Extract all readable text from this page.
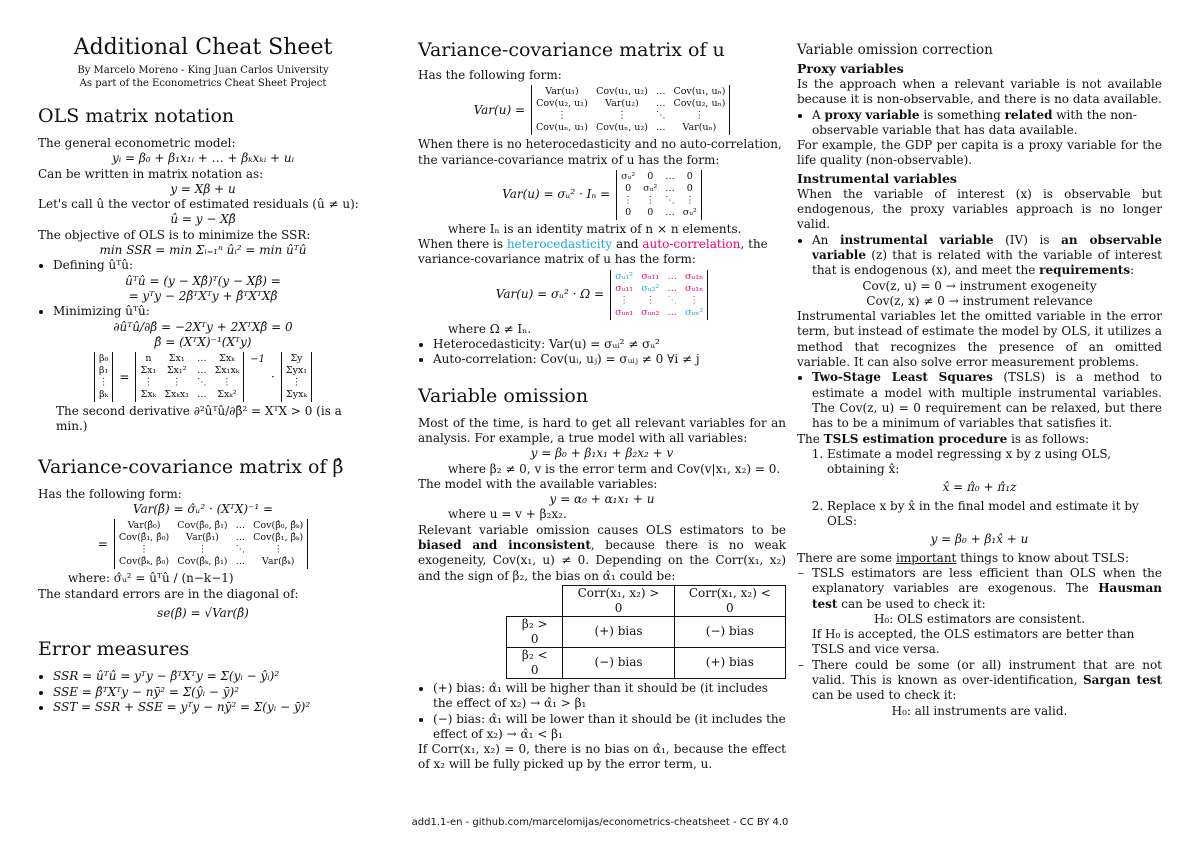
Additional Cheat Sheet
By Marcelo Moreno - King Juan Carlos University
As part of the Econometrics Cheat Sheet Project
OLS matrix notation

The general econometric model:

yᵢ = β₀ + β₁x₁ᵢ + … + βₖxₖᵢ + uᵢ

Can be written in matrix notation as:

y = Xβ + u

Let's call û the vector of estimated residuals (û ≠ u):

û = y − Xβ̂

The objective of OLS is to minimize the SSR:

min SSR = min Σᵢ₌₁ⁿ ûᵢ² = min ûᵀû

• Defining ûᵀû:

ûᵀû = (y − Xβ̂)ᵀ(y − Xβ̂) =

= yᵀy − 2β̂ᵀXᵀy + β̂ᵀXᵀXβ̂

• Minimizing ûᵀû:

∂ûᵀû/∂β̂ = −2Xᵀy + 2XᵀXβ̂ = 0

β̂ = (XᵀX)⁻¹(Xᵀy)

β₀
β₁
⋮
βₖ
=
n	Σx₁	…	Σxₖ
Σx₁ Σx₁² … Σx₁xₖ
⋮	⋮	⋱	⋮
Σxₖ Σxₖx₁ … Σxₖ²
−1
·
Σy
Σyx₁
⋮
Σyxₖ

The second derivative ∂²ûᵀû/∂β̂² = XᵀX > 0 (is a min.)

Variance-covariance matrix of β̂

Has the following form:

Var(β̂) = σ̂ᵤ² · (XᵀX)⁻¹ =

=
Var(β̂₀)	Cov(β̂₀, β̂₁) … Cov(β̂₀, β̂ₖ)
Cov(β̂₁, β̂₀)	Var(β̂₁)	… Cov(β̂₁, β̂ₖ)
⋮	⋮	⋱	⋮
Cov(β̂ₖ, β̂₀) Cov(β̂ₖ, β̂₁) …	Var(β̂ₖ)

where: σ̂ᵤ² = ûᵀû / (n−k−1)

The standard errors are in the diagonal of:

se(β̂) = √Var(β̂)

Error measures
• SSR = ûᵀû = yᵀy − β̂ᵀXᵀy = Σ(yᵢ − ŷᵢ)²
• SSE = β̂ᵀXᵀy − nȳ² = Σ(ŷᵢ − ȳ)²
• SST = SSR + SSE = yᵀy − nȳ² = Σ(yᵢ − ȳ)²
Variance-covariance matrix of u

Has the following form:

Var(u) =
Var(u₁)	Cov(u₁, u₂) … Cov(u₁, uₙ)
Cov(u₂, u₁)	Var(u₂)	… Cov(u₂, uₙ)
⋮	⋮	⋱	⋮
Cov(uₙ, u₁) Cov(uₙ, u₂) …	Var(uₙ)

When there is no heterocedasticity and no auto-correlation, the variance-covariance matrix of u has the form:

Var(u) = σᵤ² · Iₙ =
σᵤ²	0	…	0
0	σᵤ² …	0
⋮ ⋮ ⋱ ⋮
0	0	… σᵤ²

where Iₙ is an identity matrix of n × n elements.

When there is heterocedasticity and auto-correlation, the variance-covariance matrix of u has the form:

Var(u) = σᵤ² · Ω =
σᵤ₁² σᵤ₁₁ … σᵤ₁ₙ
σᵤ₁₁ σᵤ₂² … σᵤ₁ₙ
⋮	⋮	⋱	⋮
σᵤₙ₁ σᵤₙ₂ … σᵤₙ²

where Ω ≠ Iₙ.

• Heterocedasticity: Var(u) = σᵤᵢ² ≠ σᵤ²
• Auto-correlation: Cov(uᵢ, uⱼ) = σᵤᵢⱼ ≠ 0 ∀i ≠ j
Variable omission

Most of the time, is hard to get all relevant variables for an analysis. For example, a true model with all variables:

y = β₀ + β₁x₁ + β₂x₂ + v

where β₂ ≠ 0, v is the error term and Cov(v|x₁, x₂) = 0.

The model with the available variables:

y = α₀ + α₁x₁ + u

where u = v + β₂x₂.

Relevant variable omission causes OLS estimators to be biased and inconsistent, because there is no weak exogeneity, Cov(x₁, u) ≠ 0. Depending on the Corr(x₁, x₂) and the sign of β₂, the bias on α̂₁ could be:

	Corr(x₁, x₂) > 0	Corr(x₁, x₂) < 0
β₂ > 0	(+) bias	(−) bias
β₂ < 0	(−) bias	(+) bias
• (+) bias: α̂₁ will be higher than it should be (it includes the effect of x₂) → α̂₁ > β₁
• (−) bias: α̂₁ will be lower than it should be (it includes the effect of x₂) → α̂₁ < β₁

If Corr(x₁, x₂) = 0, there is no bias on α̂₁, because the effect of x₂ will be fully picked up by the error term, u.

Variable omission correction
Proxy variables

Is the approach when a relevant variable is not available because it is non-observable, and there is no data available.

• A proxy variable is something related with the non-observable variable that has data available.

For example, the GDP per capita is a proxy variable for the life quality (non-observable).

Instrumental variables

When the variable of interest (x) is observable but endogenous, the proxy variables approach is no longer valid.

• An instrumental variable (IV) is an observable variable (z) that is related with the variable of interest that is endogenous (x), and meet the requirements:

Cov(z, u) = 0 → instrument exogeneity

Cov(z, x) ≠ 0 → instrument relevance

Instrumental variables let the omitted variable in the error term, but instead of estimate the model by OLS, it utilizes a method that recognizes the presence of an omitted variable. It can also solve error measurement problems.

• Two-Stage Least Squares (TSLS) is a method to estimate a model with multiple instrumental variables. The Cov(z, u) = 0 requirement can be relaxed, but there has to be a minimum of variables that satisfies it.

The TSLS estimation procedure is as follows:

1. Estimate a model regressing x by z using OLS, obtaining x̂:

x̂ = π̂₀ + π̂₁z

2. Replace x by x̂ in the final model and estimate it by OLS:

y = β₀ + β₁x̂ + u

There are some important things to know about TSLS:

– TSLS estimators are less efficient than OLS when the explanatory variables are exogenous. The Hausman test can be used to check it:

H₀: OLS estimators are consistent.

If H₀ is accepted, the OLS estimators are better than TSLS and vice versa.

– There could be some (or all) instrument that are not valid. This is known as over-identification, Sargan test can be used to check it:

H₀: all instruments are valid.

add1.1-en - github.com/marcelomijas/econometrics-cheatsheet - CC BY 4.0
